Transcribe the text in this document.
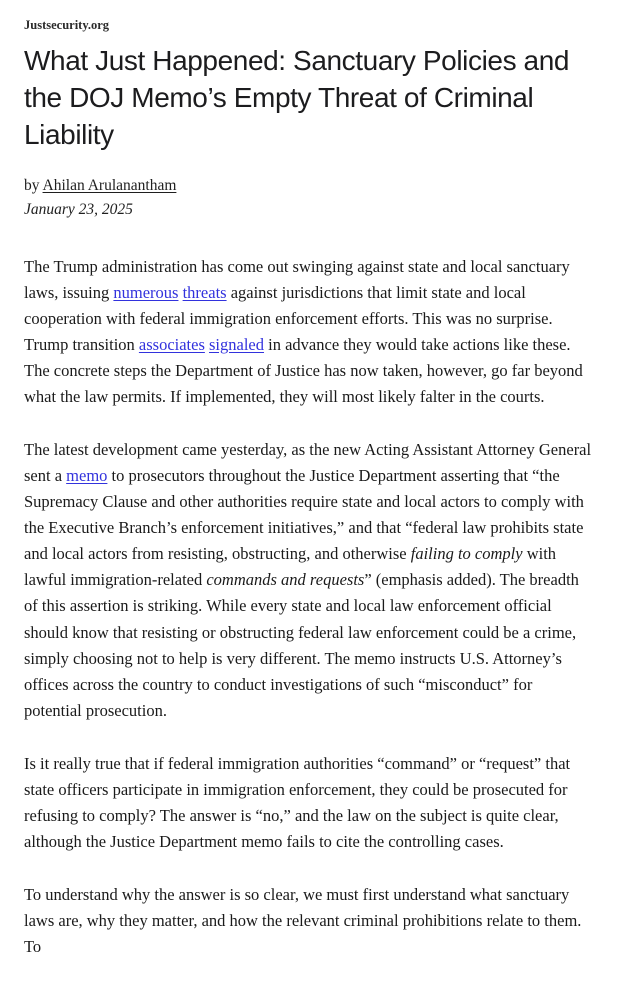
Justsecurity.org
What Just Happened: Sanctuary Policies and the DOJ Memo’s Empty Threat of Criminal Liability
by Ahilan Arulanantham
January 23, 2025

The Trump administration has come out swinging against state and local sanctuary laws, issuing numerous threats against jurisdictions that limit state and local cooperation with federal immigration enforcement efforts. This was no surprise. Trump transition associates signaled in advance they would take actions like these. The concrete steps the Department of Justice has now taken, however, go far beyond what the law permits. If implemented, they will most likely falter in the courts.

The latest development came yesterday, as the new Acting Assistant Attorney General sent a memo to prosecutors throughout the Justice Department asserting that “the Supremacy Clause and other authorities require state and local actors to comply with the Executive Branch’s enforcement initiatives,” and that “federal law prohibits state and local actors from resisting, obstructing, and otherwise failing to comply with lawful immigration-related commands and requests” (emphasis added). The breadth of this assertion is striking. While every state and local law enforcement official should know that resisting or obstructing federal law enforcement could be a crime, simply choosing not to help is very different. The memo instructs U.S. Attorney’s offices across the country to conduct investigations of such “misconduct” for potential prosecution.

Is it really true that if federal immigration authorities “command” or “request” that state officers participate in immigration enforcement, they could be prosecuted for refusing to comply? The answer is “no,” and the law on the subject is quite clear, although the Justice Department memo fails to cite the controlling cases.

To understand why the answer is so clear, we must first understand what sanctuary laws are, why they matter, and how the relevant criminal prohibitions relate to them. To
